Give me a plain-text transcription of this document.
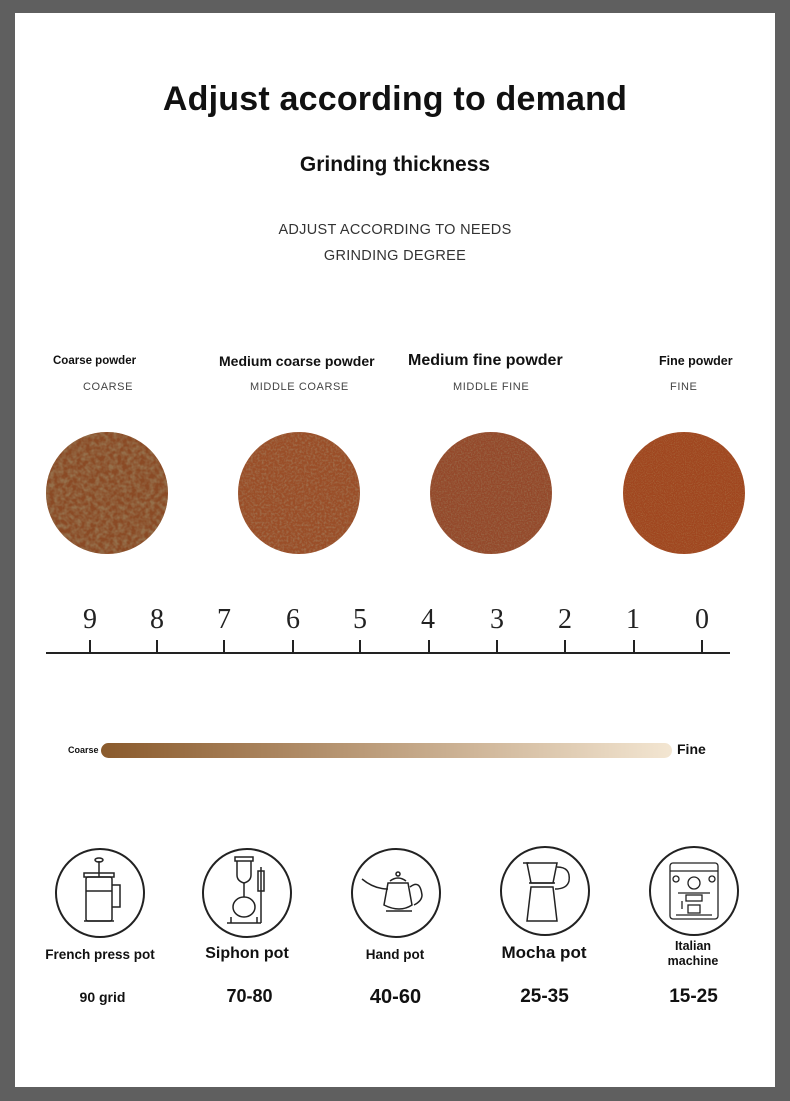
Adjust according to demand
Grinding thickness
ADJUST ACCORDING TO NEEDS
GRINDING DEGREE
Coarse powder
COARSE
Medium coarse powder
MIDDLE COARSE
Medium fine powder
MIDDLE FINE
Fine powder
FINE
9	8	7	6	5	4	3	2	1	0
Coarse	Fine
French press pot
90 grid
Siphon pot
70-80
Hand pot
40-60
Mocha pot
25-35
Italian
machine
15-25
